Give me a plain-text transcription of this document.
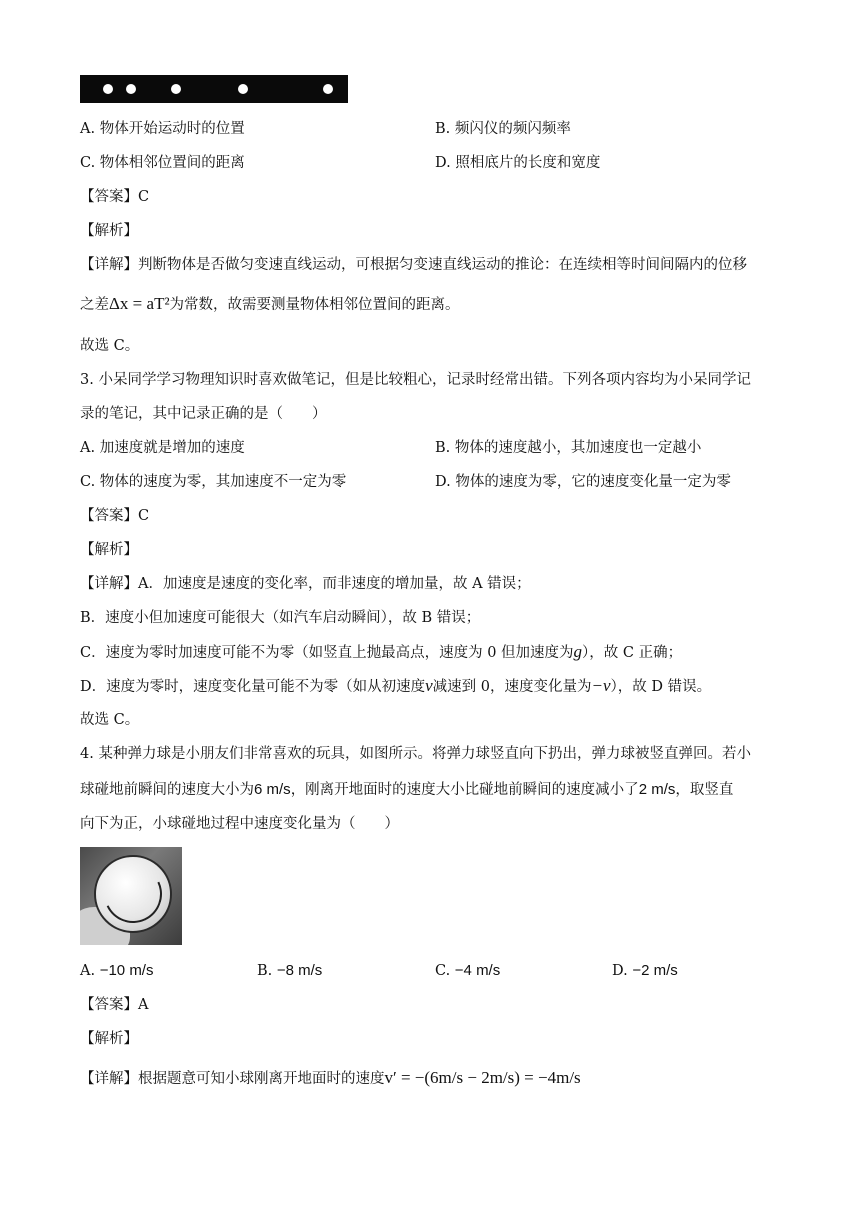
A. 物体开始运动时的位置	B. 频闪仪的频闪频率
C. 物体相邻位置间的距离	D. 照相底片的长度和宽度
【答案】C
【解析】
【详解】判断物体是否做匀变速直线运动，可根据匀变速直线运动的推论：在连续相等时间间隔内的位移
之差Δx = aT²为常数，故需要测量物体相邻位置间的距离。
故选 C。
3. 小呆同学学习物理知识时喜欢做笔记，但是比较粗心，记录时经常出错。下列各项内容均为小呆同学记
录的笔记，其中记录正确的是（　　）
A. 加速度就是增加的速度	B. 物体的速度越小，其加速度也一定越小
C. 物体的速度为零，其加速度不一定为零	D. 物体的速度为零，它的速度变化量一定为零
【答案】C
【解析】
【详解】A．加速度是速度的变化率，而非速度的增加量，故 A 错误；
B．速度小但加速度可能很大（如汽车启动瞬间），故 B 错误；
C．速度为零时加速度可能不为零（如竖直上抛最高点，速度为 0 但加速度为g），故 C 正确；
D．速度为零时，速度变化量可能不为零（如从初速度v减速到 0，速度变化量为−v），故 D 错误。
故选 C。
4. 某种弹力球是小朋友们非常喜欢的玩具，如图所示。将弹力球竖直向下扔出，弹力球被竖直弹回。若小
球碰地前瞬间的速度大小为6 m/s，刚离开地面时的速度大小比碰地前瞬间的速度减小了2 m/s，取竖直
向下为正，小球碰地过程中速度变化量为（　　）
A. −10 m/s	B. −8 m/s	C. −4 m/s	D. −2 m/s
【答案】A
【解析】
【详解】根据题意可知小球刚离开地面时的速度v′ = −(6m/s − 2m/s) = −4m/s
